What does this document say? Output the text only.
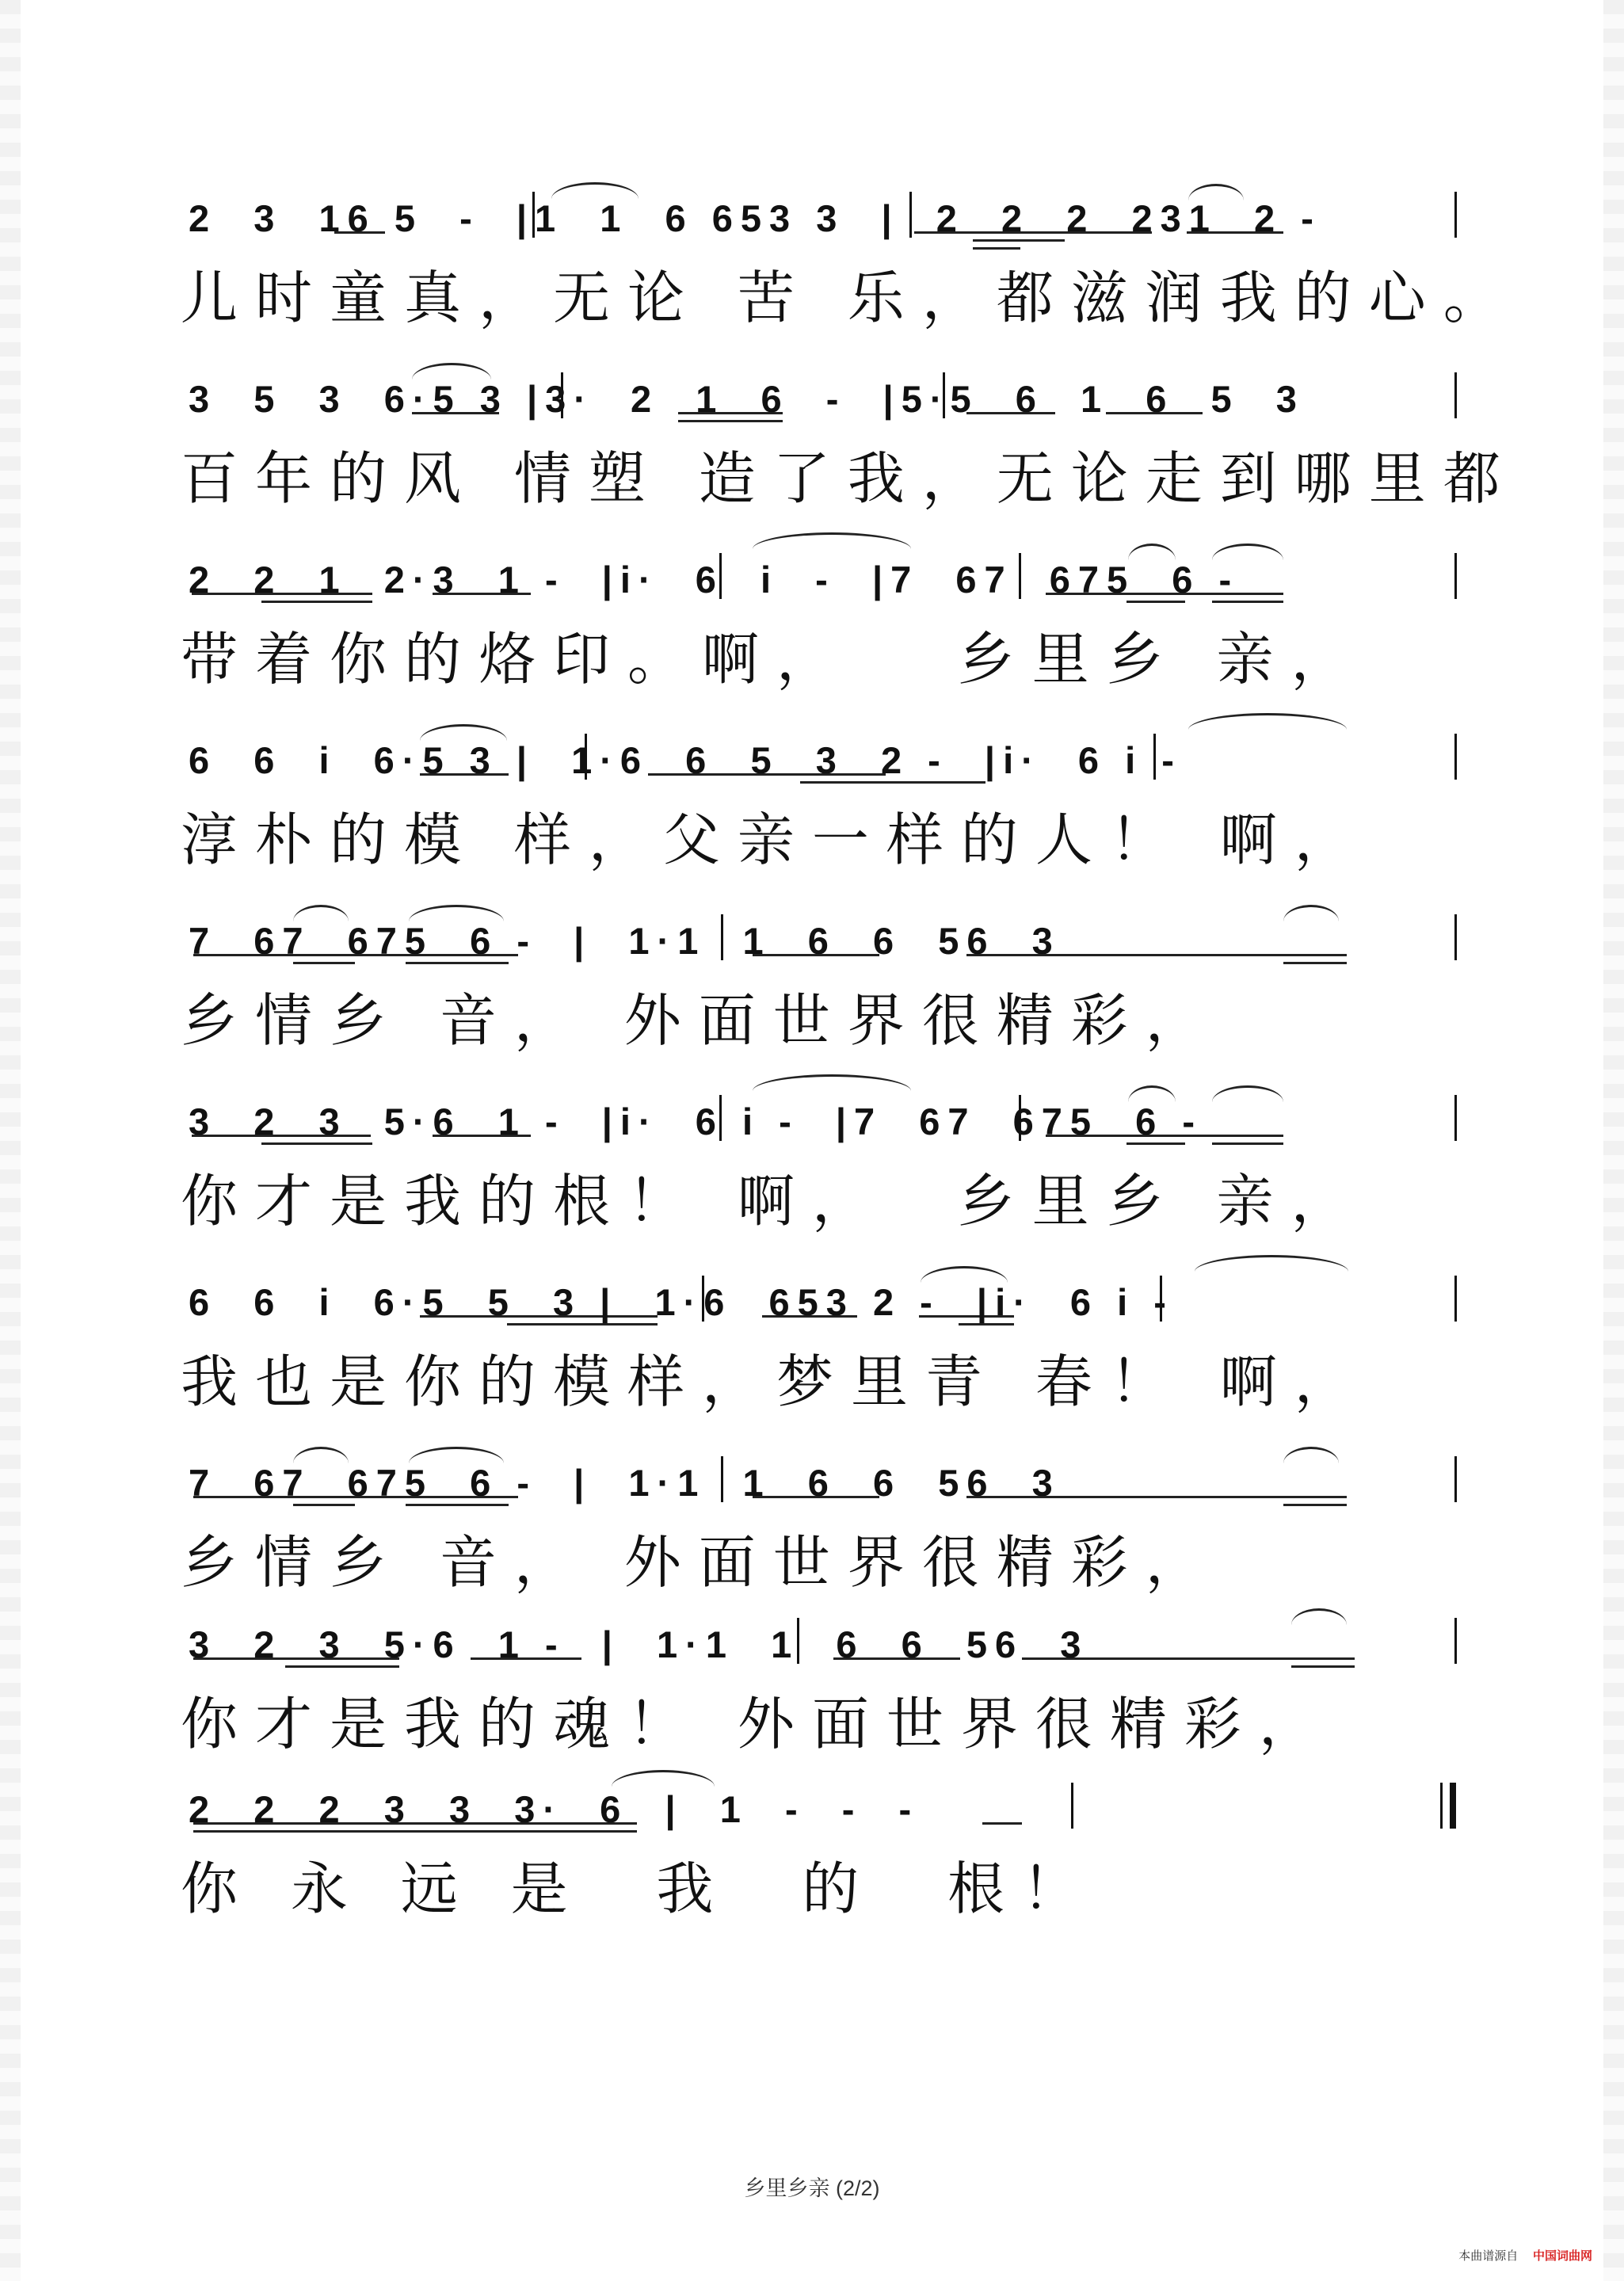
2  3  16 5  -  |1  1  6 653 3  |  2  2  2  231  2 -
儿时童真，无论 苦 乐，都滋润我的心。
3  5  3  6·5 3 |3·  2  1  6  -  |5·5  6  1  6  5  3
百年的风 情塑 造了我，无论走到哪里都
2  2  1  2·3  1 -  |i·  6  i  -  |7  67  675  6 -
带着你的烙印。啊，   乡里乡 亲，
6  6  i  6·5 3 |  1·6  6  5  3  2 -  |i·  6 i -
淳朴的模 样，父亲一样的人！ 啊，
7  67  675  6 -  |  1·1  1  6  6  56  3
乡情乡 音， 外面世界很精彩，
3  2  3  5·6  1 -  |i·  6 i -  |7  67  675  6 -
你才是我的根！ 啊，  乡里乡 亲，
6  6  i  6·5  5  3 |  1·6  653 2 -  |i·  6 i -
我也是你的模样，梦里青 春！ 啊，
7  67  675  6 -  |  1·1  1  6  6  56  3
乡情乡 音， 外面世界很精彩，
3  2  3  5·6  1 -  |  1·1  1  6  6  56  3
你才是我的魂！ 外面世界很精彩，
2  2  2  3  3  3·  6  |  1  -  -  -
你 永 远 是  我  的  根！
乡里乡亲 (2/2)
本曲谱源自 中国词曲网
